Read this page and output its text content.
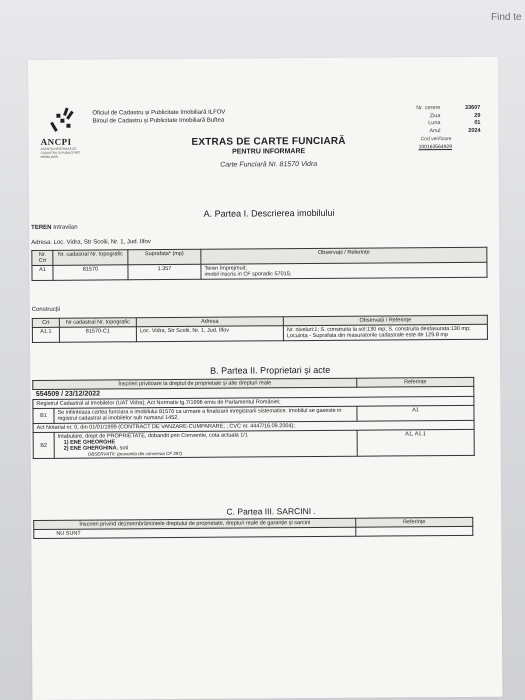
Find te
ANCPI
AGENȚIA NAȚIONALĂ DE CADASTRU ȘI PUBLICITATE IMOBILIARĂ
Oficiul de Cadastru și Publicitate Imobiliară ILFOV
Biroul de Cadastru și Publicitate Imobiliară Buftea
Nr. cerere	33607
Ziua	29
Luna	01
Anul	2024
Cod verificare
100163564929
EXTRAS DE CARTE FUNCIARĂ
PENTRU INFORMARE
Carte Funciară Nr. 81570 Vidra
A. Partea I. Descrierea imobilului
TEREN Intravilan
Adresa: Loc. Vidra, Str Scolii, Nr. 1, Jud. Ilfov
Nr. Crt	Nr. cadastral Nr. topografic	Suprafața* (mp)	Observații / Referințe
A1	81570	1.357	Teren împrejmuit;
imobil inscris in CF sporadic 57015;
Construcții
Crt	Nr cadastral Nr. topografic	Adresa	Observații / Referințe
A1.1	81570-C1	Loc. Vidra, Str Scolii, Nr. 1, Jud. Ilfov	Nr. niveluri:1; S. construita la sol:130 mp; S. construita desfasurata:130 mp; Locuinta - Suprafata din masuratorile cadastrale este de 129.8 mp
B. Partea II. Proprietari și acte
Înscrieri privitoare la dreptul de proprietate și alte drepturi reale		Referințe
554509 / 23/12/2022		
Registrul Cadastral al Imobilelor (UAT Vidra); Act Normativ lg.7/1996 emis de Parlamentul României;		
B1	Se infiinteaza cartea funciara a imobilului 81570 ca urmare a finalizarii inregistrarii sistematice. Imobilul se gaseste in registrul cadastral al imobilelor sub numarul 1452.	A1
Act Notarial nr. 0, din 01/01/1999 (CONTRACT DE VANZARE-CUMPARARE; ; CVC nr. 4447/16.09.2004);		
B2	Intabulare, drept de PROPRIETATE, dobandit prin Conventie, cota actuala 1/1
1) ENE GHEORGHE
2) ENE GHERGHINA, soti
OBSERVAȚII: (provenita din conversia CF 397)	A1, A1.1
C. Partea III. SARCINI .
Înscrieri privind dezmembrămintele dreptului de proprietate, drepturi reale de garanție și sarcini	Referințe
NU SUNT	
